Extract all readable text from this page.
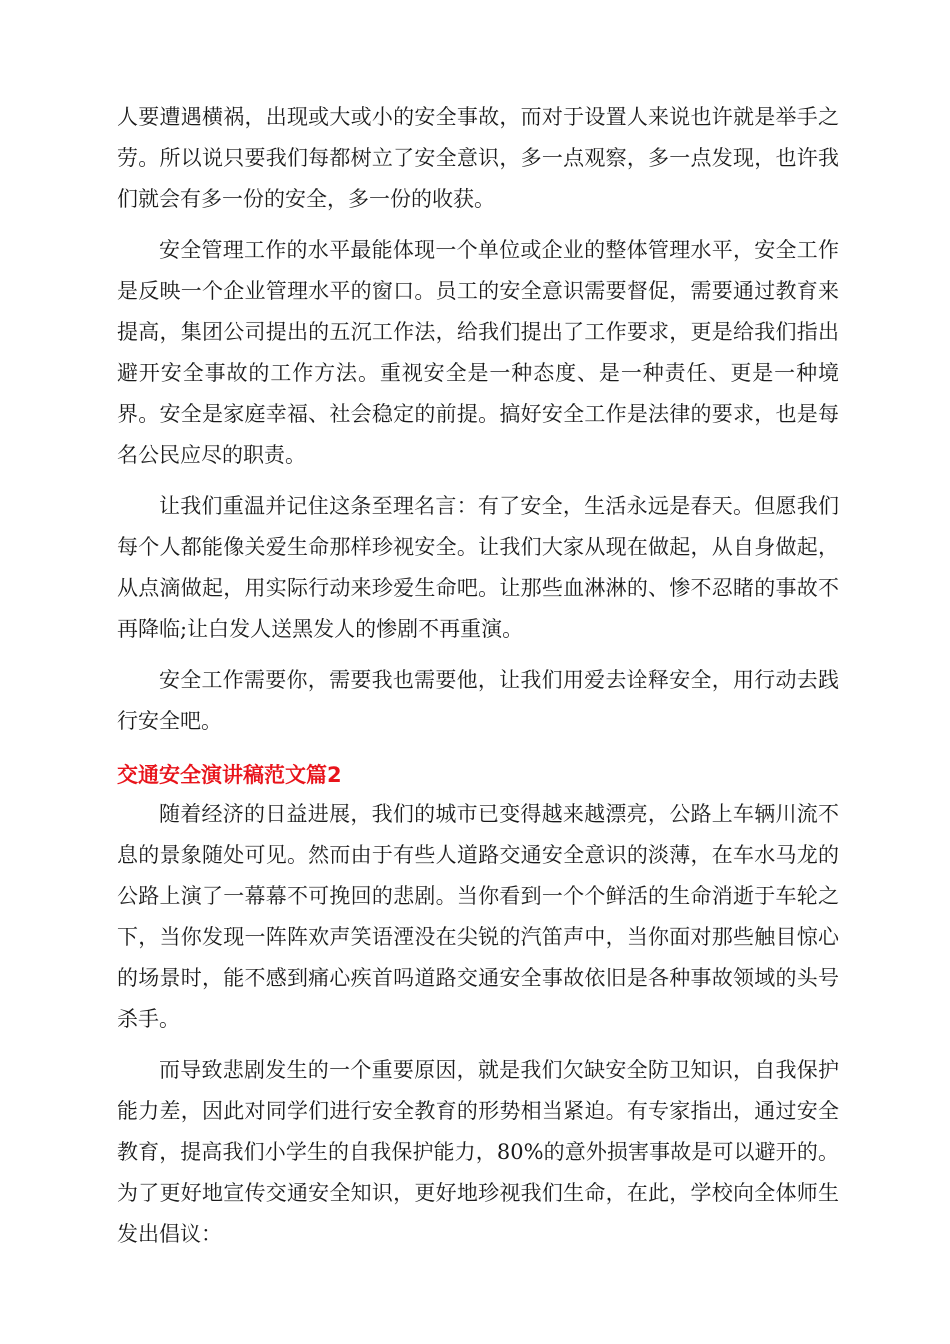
人要遭遇横祸，出现或大或小的安全事故，而对于设置人来说也许就是举手之劳。所以说只要我们每都树立了安全意识，多一点观察，多一点发现，也许我们就会有多一份的安全，多一份的收获。

安全管理工作的水平最能体现一个单位或企业的整体管理水平，安全工作是反映一个企业管理水平的窗口。员工的安全意识需要督促，需要通过教育来提高，集团公司提出的五沉工作法，给我们提出了工作要求，更是给我们指出避开安全事故的工作方法。重视安全是一种态度、是一种责任、更是一种境界。安全是家庭幸福、社会稳定的前提。搞好安全工作是法律的要求，也是每名公民应尽的职责。

让我们重温并记住这条至理名言：有了安全，生活永远是春天。但愿我们每个人都能像关爱生命那样珍视安全。让我们大家从现在做起，从自身做起，从点滴做起，用实际行动来珍爱生命吧。让那些血淋淋的、惨不忍睹的事故不再降临;让白发人送黑发人的惨剧不再重演。

安全工作需要你，需要我也需要他，让我们用爱去诠释安全，用行动去践行安全吧。

交通安全演讲稿范文篇2

随着经济的日益进展，我们的城市已变得越来越漂亮，公路上车辆川流不息的景象随处可见。然而由于有些人道路交通安全意识的淡薄，在车水马龙的公路上演了一幕幕不可挽回的悲剧。当你看到一个个鲜活的生命消逝于车轮之下，当你发现一阵阵欢声笑语湮没在尖锐的汽笛声中，当你面对那些触目惊心的场景时，能不感到痛心疾首吗道路交通安全事故依旧是各种事故领域的头号杀手。

而导致悲剧发生的一个重要原因，就是我们欠缺安全防卫知识，自我保护能力差，因此对同学们进行安全教育的形势相当紧迫。有专家指出，通过安全教育，提高我们小学生的自我保护能力，80%的意外损害事故是可以避开的。为了更好地宣传交通安全知识，更好地珍视我们生命，在此，学校向全体师生发出倡议：
